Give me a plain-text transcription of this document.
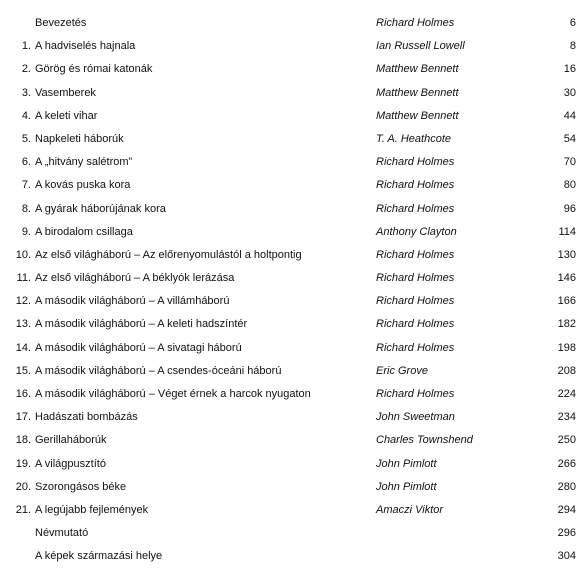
Bevezetés	Richard Holmes	6
1. A hadviselés hajnala	Ian Russell Lowell	8
2. Görög és római katonák	Matthew Bennett	16
3. Vasemberek	Matthew Bennett	30
4. A keleti vihar	Matthew Bennett	44
5. Napkeleti háborúk	T. A. Heathcote	54
6. A „hitvány salétrom”	Richard Holmes	70
7. A kovás puska kora	Richard Holmes	80
8. A gyárak háborújának kora	Richard Holmes	96
9. A birodalom csillaga	Anthony Clayton	114
10. Az első világháború – Az előrenyomulástól a holtpontig	Richard Holmes	130
11. Az első világháború – A béklyók lerázása	Richard Holmes	146
12. A második világháború – A villámháború	Richard Holmes	166
13. A második világháború – A keleti hadszíntér	Richard Holmes	182
14. A második világháború – A sivatagi háború	Richard Holmes	198
15. A második világháború – A csendes-óceáni háború	Eric Grove	208
16. A második világháború – Véget érnek a harcok nyugaton	Richard Holmes	224
17. Hadászati bombázás	John Sweetman	234
18. Gerillaháborúk	Charles Townshend	250
19. A világpusztító	John Pimlott	266
20. Szorongásos béke	John Pimlott	280
21. A legújabb fejlemények	Amaczi Viktor	294
Névmutató	296
A képek származási helye	304
